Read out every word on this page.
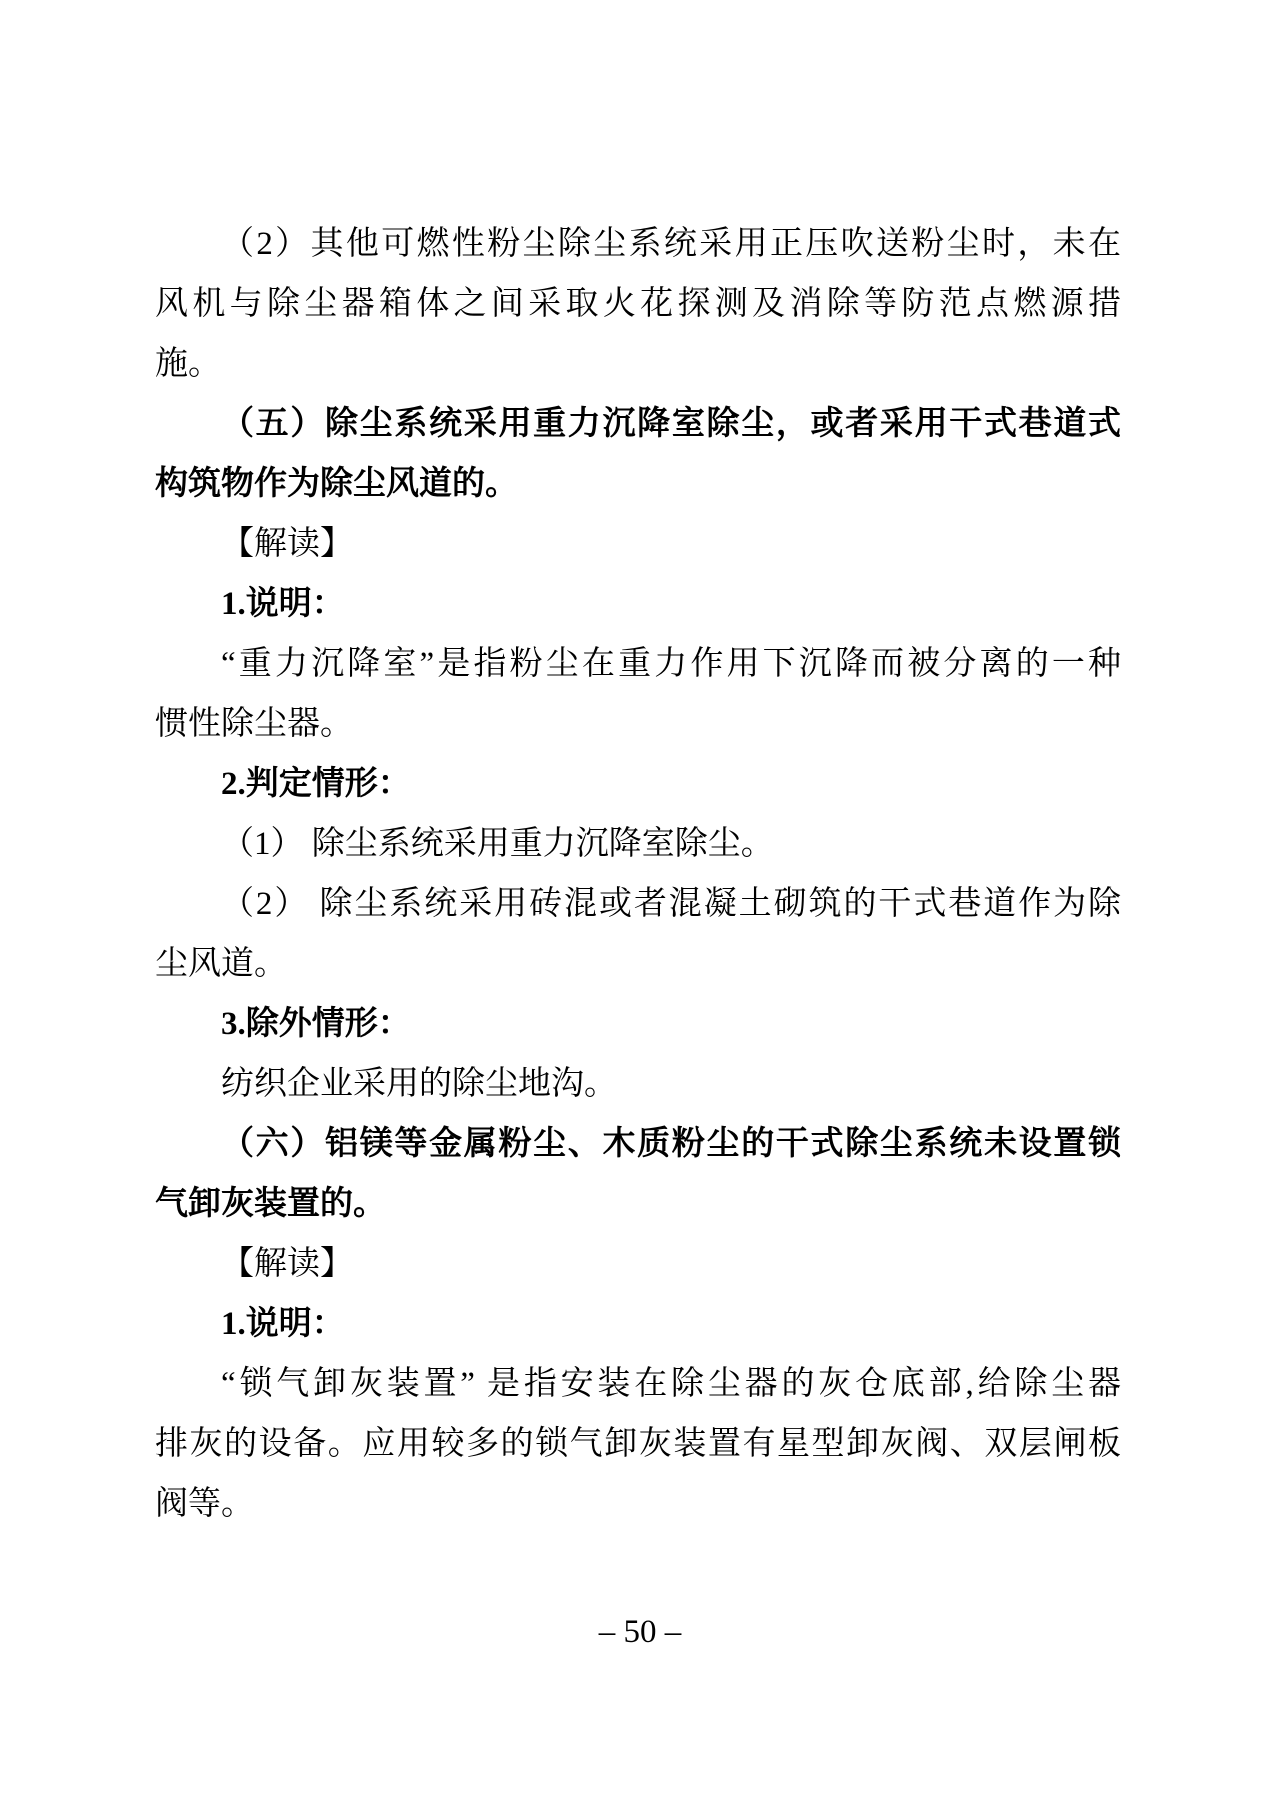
（2）其他可燃性粉尘除尘系统采用正压吹送粉尘时，未在
风机与除尘器箱体之间采取火花探测及消除等防范点燃源措
施。
（五）除尘系统采用重力沉降室除尘，或者采用干式巷道式
构筑物作为除尘风道的。
【解读】
1.说明：
“重力沉降室”是指粉尘在重力作用下沉降而被分离的一种
惯性除尘器。
2.判定情形：
（1） 除尘系统采用重力沉降室除尘。
（2） 除尘系统采用砖混或者混凝土砌筑的干式巷道作为除
尘风道。
3.除外情形：
纺织企业采用的除尘地沟。
（六）铝镁等金属粉尘、木质粉尘的干式除尘系统未设置锁
气卸灰装置的。
【解读】
1.说明：
“锁气卸灰装置” 是指安装在除尘器的灰仓底部,给除尘器
排灰的设备。应用较多的锁气卸灰装置有星型卸灰阀、双层闸板
阀等。
– 50 –
